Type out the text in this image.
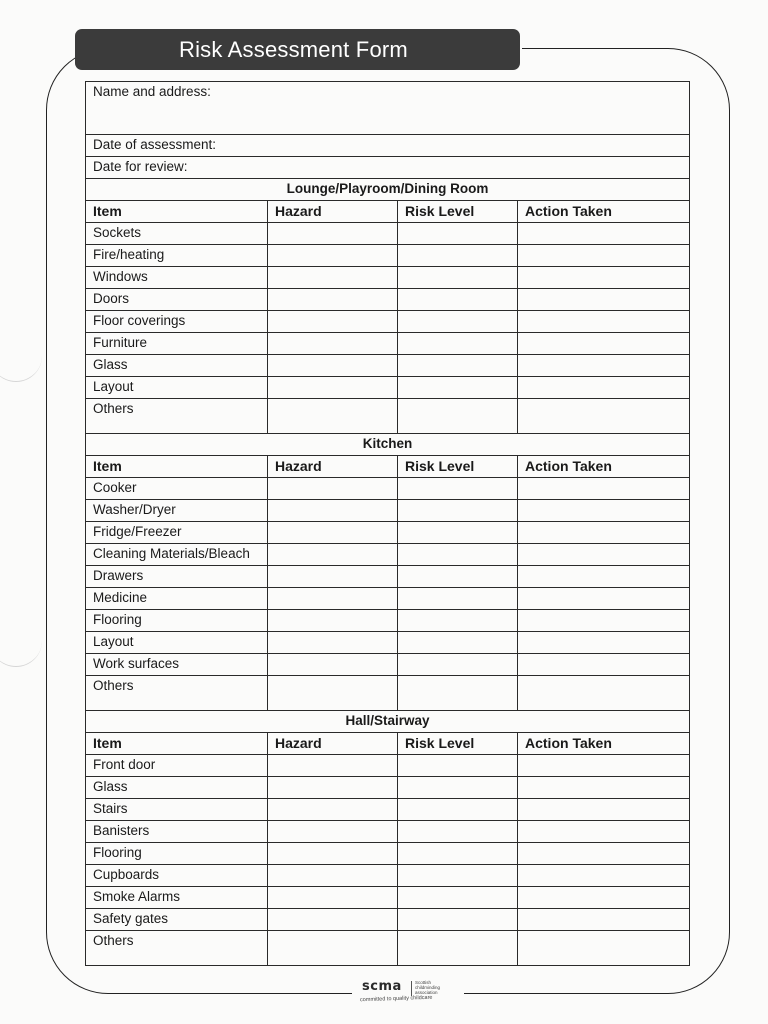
Risk Assessment Form
Name and address:			
Date of assessment:			
Date for review:			
Lounge/Playroom/Dining Room			
Item	Hazard	Risk Level	Action Taken
Sockets			
Fire/heating			
Windows			
Doors			
Floor coverings			
Furniture			
Glass			
Layout			
Others			
Kitchen			
Item	Hazard	Risk Level	Action Taken
Cooker			
Washer/Dryer			
Fridge/Freezer			
Cleaning Materials/Bleach			
Drawers			
Medicine			
Flooring			
Layout			
Work surfaces			
Others			
Hall/Stairway			
Item	Hazard	Risk Level	Action Taken
Front door			
Glass			
Stairs			
Banisters			
Flooring			
Cupboards			
Smoke Alarms			
Safety gates			
Others			
scma	Scottish childminding association
committed to quality childcare
